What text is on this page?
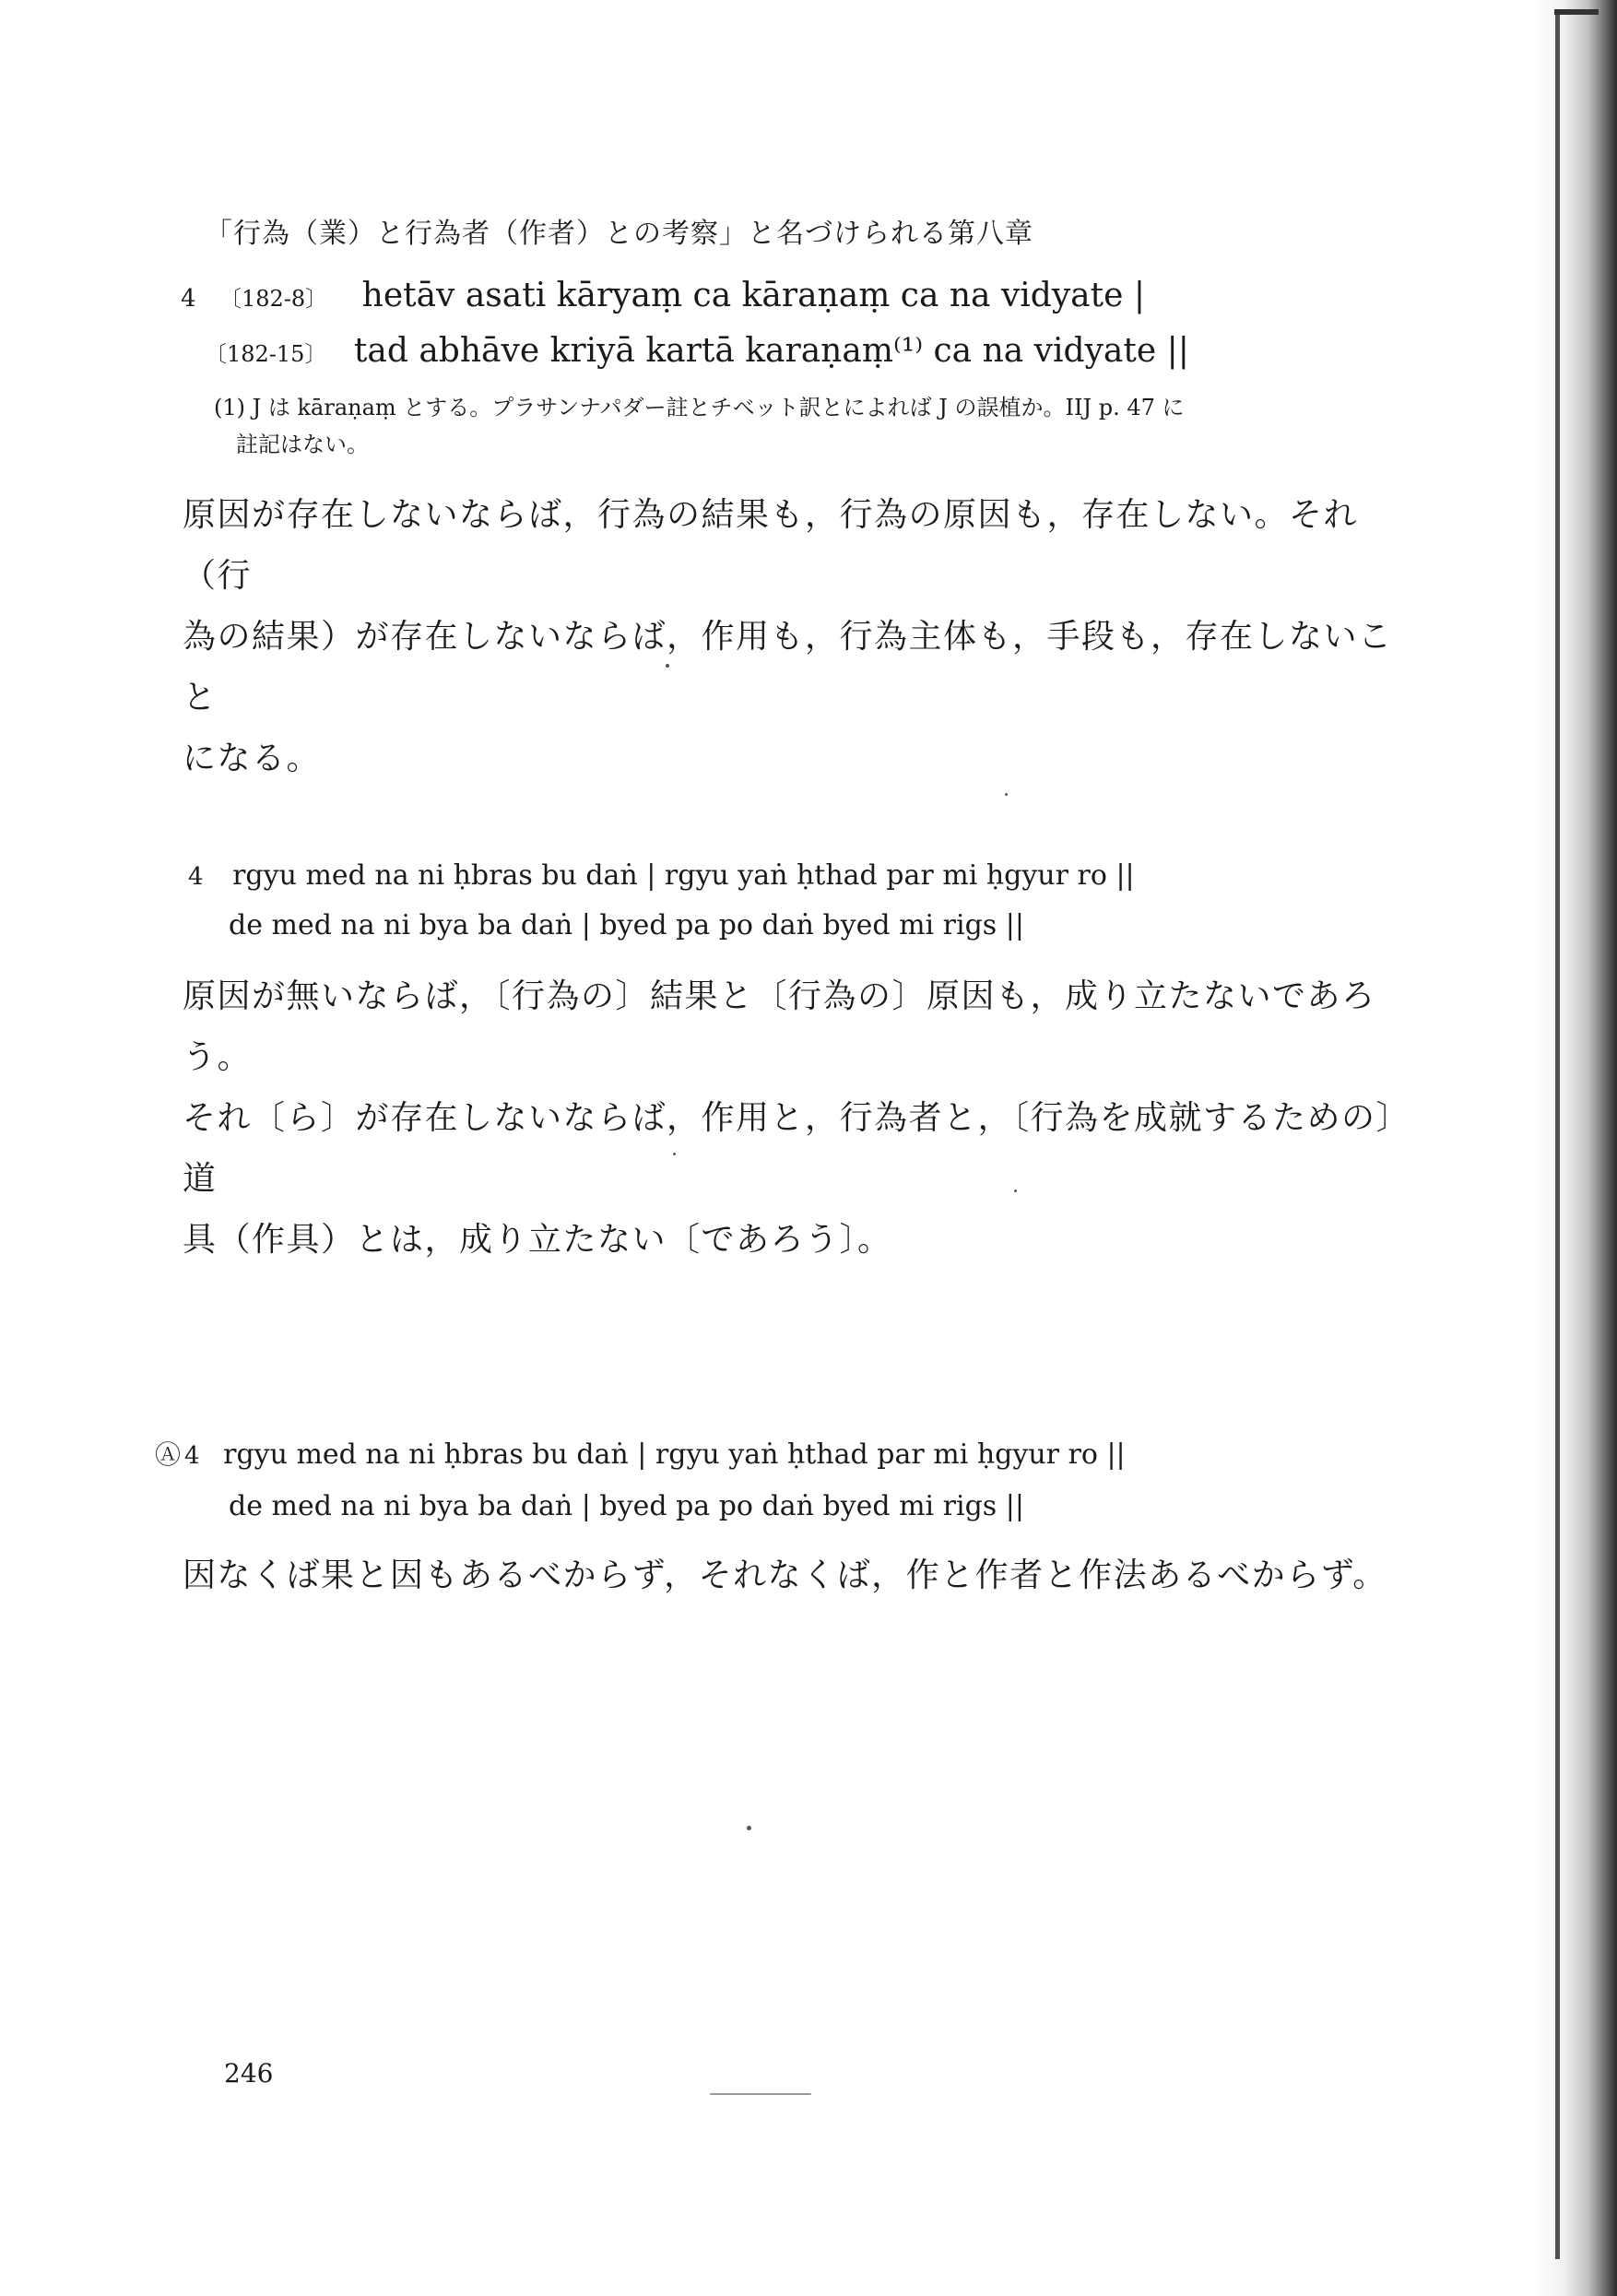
「行為（業）と行為者（作者）との考察」と名づけられる第八章
4 〔182-8〕 hetāv asati kāryaṃ ca kāraṇaṃ ca na vidyate |
〔182-15〕 tad abhāve kriyā kartā karaṇaṃ⁽¹⁾ ca na vidyate ||
(1) J は kāraṇaṃ とする。プラサンナパダー註とチベット訳とによれば J の誤植か。IIJ p. 47 に
註記はない。
原因が存在しないならば，行為の結果も，行為の原因も，存在しない。それ（行
為の結果）が存在しないならば，作用も，行為主体も，手段も，存在しないこと
になる。
4 rgyu med na ni ḥbras bu daṅ | rgyu yaṅ ḥthad par mi ḥgyur ro ||
de med na ni bya ba daṅ | byed pa po daṅ byed mi rigs ||
原因が無いならば，〔行為の〕結果と〔行為の〕原因も，成り立たないであろう。
それ〔ら〕が存在しないならば，作用と，行為者と，〔行為を成就するための〕道
具（作具）とは，成り立たない〔であろう〕。
Ⓐ 4 rgyu med na ni ḥbras bu daṅ | rgyu yaṅ ḥthad par mi ḥgyur ro ||
de med na ni bya ba daṅ | byed pa po daṅ byed mi rigs ||
因なくば果と因もあるべからず，それなくば，作と作者と作法あるべからず。
246
